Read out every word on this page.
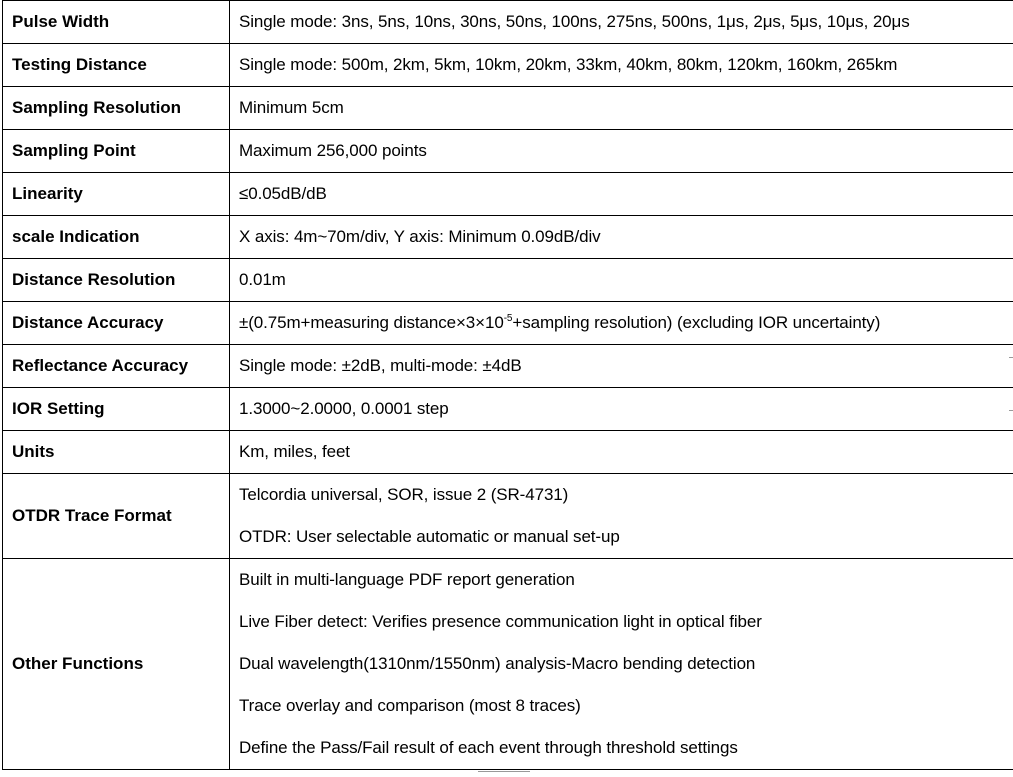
Pulse Width	Single mode: 3ns, 5ns, 10ns, 30ns, 50ns, 100ns, 275ns, 500ns, 1μs, 2μs, 5μs, 10μs, 20μs
Testing Distance	Single mode: 500m, 2km, 5km, 10km, 20km, 33km, 40km, 80km, 120km, 160km, 265km
Sampling Resolution	Minimum 5cm
Sampling Point	Maximum 256,000 points
Linearity	≤0.05dB/dB
scale Indication	X axis: 4m~70m/div, Y axis: Minimum 0.09dB/div
Distance Resolution	0.01m
Distance Accuracy	±(0.75m+measuring $distance\times 3\times 10^{-5}+sampling$ resolution) (excluding IOR uncertainty)
Reflectance Accuracy	Single mode: ±2dB, multi-mode: ±4dB
IOR Setting	1.3000~2.0000, 0.0001 step
Units	Km, miles, feet
OTDR Trace Format	Telcordia universal, SOR, issue 2 (SR-4731)
OTDR: User selectable automatic or manual set-up

Other Functions	Built in multi-language PDF report generation
Live Fiber detect: Verifies presence communication light in optical fiber
Dual wavelength(1310nm/1550nm) analysis-Macro bending detection
Trace overlay and comparison (most 8 traces)
Define the Pass/Fail result of each event through threshold settings
